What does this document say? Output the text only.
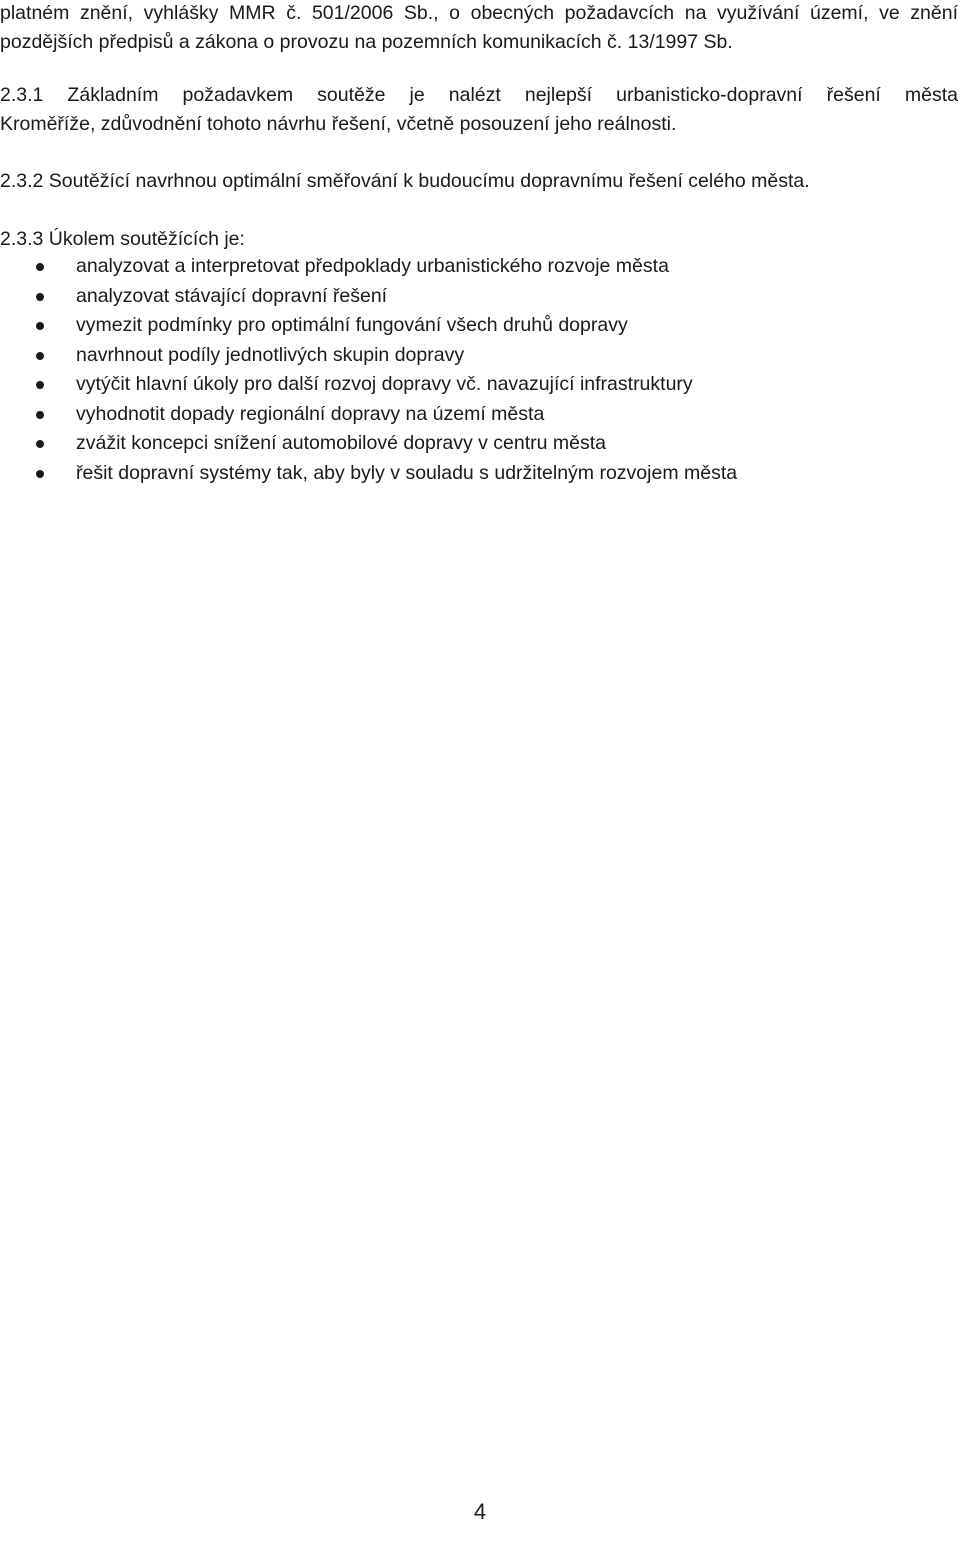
platném znění, vyhlášky MMR č. 501/2006 Sb., o obecných požadavcích na využívání území, ve znění
pozdějších předpisů a zákona o provozu na pozemních komunikacích č. 13/1997 Sb.

2.3.1 Základním požadavkem soutěže je nalézt nejlepší urbanisticko-dopravní řešení města
Kroměříže, zdůvodnění tohoto návrhu řešení, včetně posouzení jeho reálnosti.

2.3.2 Soutěžící navrhnou optimální směřování k budoucímu dopravnímu řešení celého města.

2.3.3 Úkolem soutěžících je:

analyzovat a interpretovat předpoklady urbanistického rozvoje města
analyzovat stávající dopravní řešení
vymezit podmínky pro optimální fungování všech druhů dopravy
navrhnout podíly jednotlivých skupin dopravy
vytýčit hlavní úkoly pro další rozvoj dopravy vč. navazující infrastruktury
vyhodnotit dopady regionální dopravy na území města
zvážit koncepci snížení automobilové dopravy v centru města
řešit dopravní systémy tak, aby byly v souladu s udržitelným rozvojem města
4
